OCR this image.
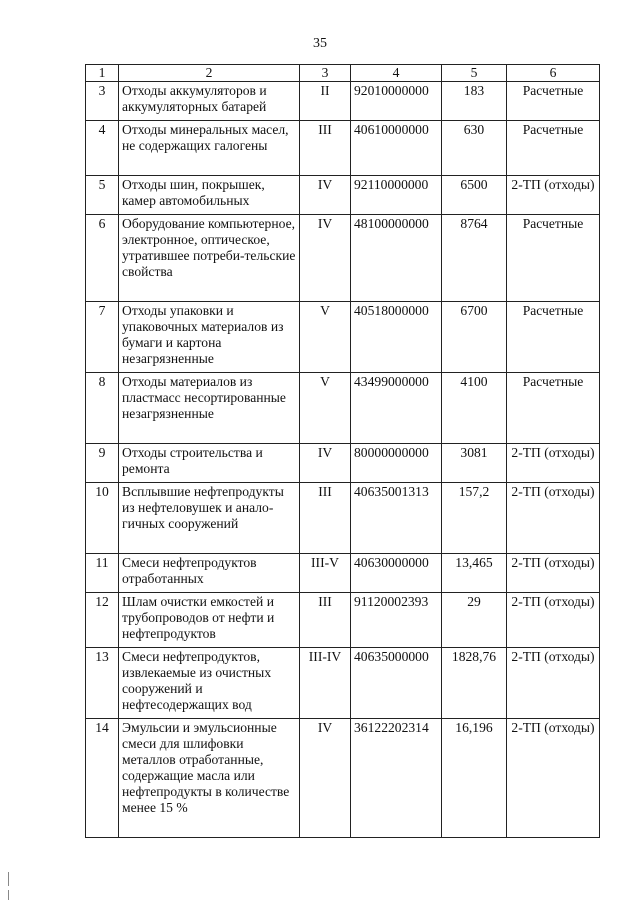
35
1	2	3	4	5	6
3	Отходы аккумуляторов и аккумуляторных батарей	II	92010000000	183	Расчетные
4	Отходы минеральных масел, не содержащих галогены	III	40610000000	630	Расчетные
5	Отходы шин, покрышек, камер автомобильных	IV	92110000000	6500	2-ТП (отходы)
6	Оборудование компьютерное, электронное, оптическое, утратившее потреби-тельские свойства	IV	48100000000	8764	Расчетные
7	Отходы упаковки и упаковочных материалов из бумаги и картона незагрязненные	V	40518000000	6700	Расчетные
8	Отходы материалов из пластмасс несортированные незагрязненные	V	43499000000	4100	Расчетные
9	Отходы строительства и ремонта	IV	80000000000	3081	2-ТП (отходы)
10	Всплывшие нефтепродукты из нефтеловушек и анало-гичных сооружений	III	40635001313	157,2	2-ТП (отходы)
11	Смеси нефтепродуктов отработанных	III-V	40630000000	13,465	2-ТП (отходы)
12	Шлам очистки емкостей и трубопроводов от нефти и нефтепродуктов	III	91120002393	29	2-ТП (отходы)
13	Смеси нефтепродуктов, извлекаемые из очистных сооружений и нефтесодержащих вод	III-IV	40635000000	1828,76	2-ТП (отходы)
14	Эмульсии и эмульсионные смеси для шлифовки металлов отработанные, содержащие масла или нефтепродукты в количестве менее 15 %	IV	36122202314	16,196	2-ТП (отходы)
